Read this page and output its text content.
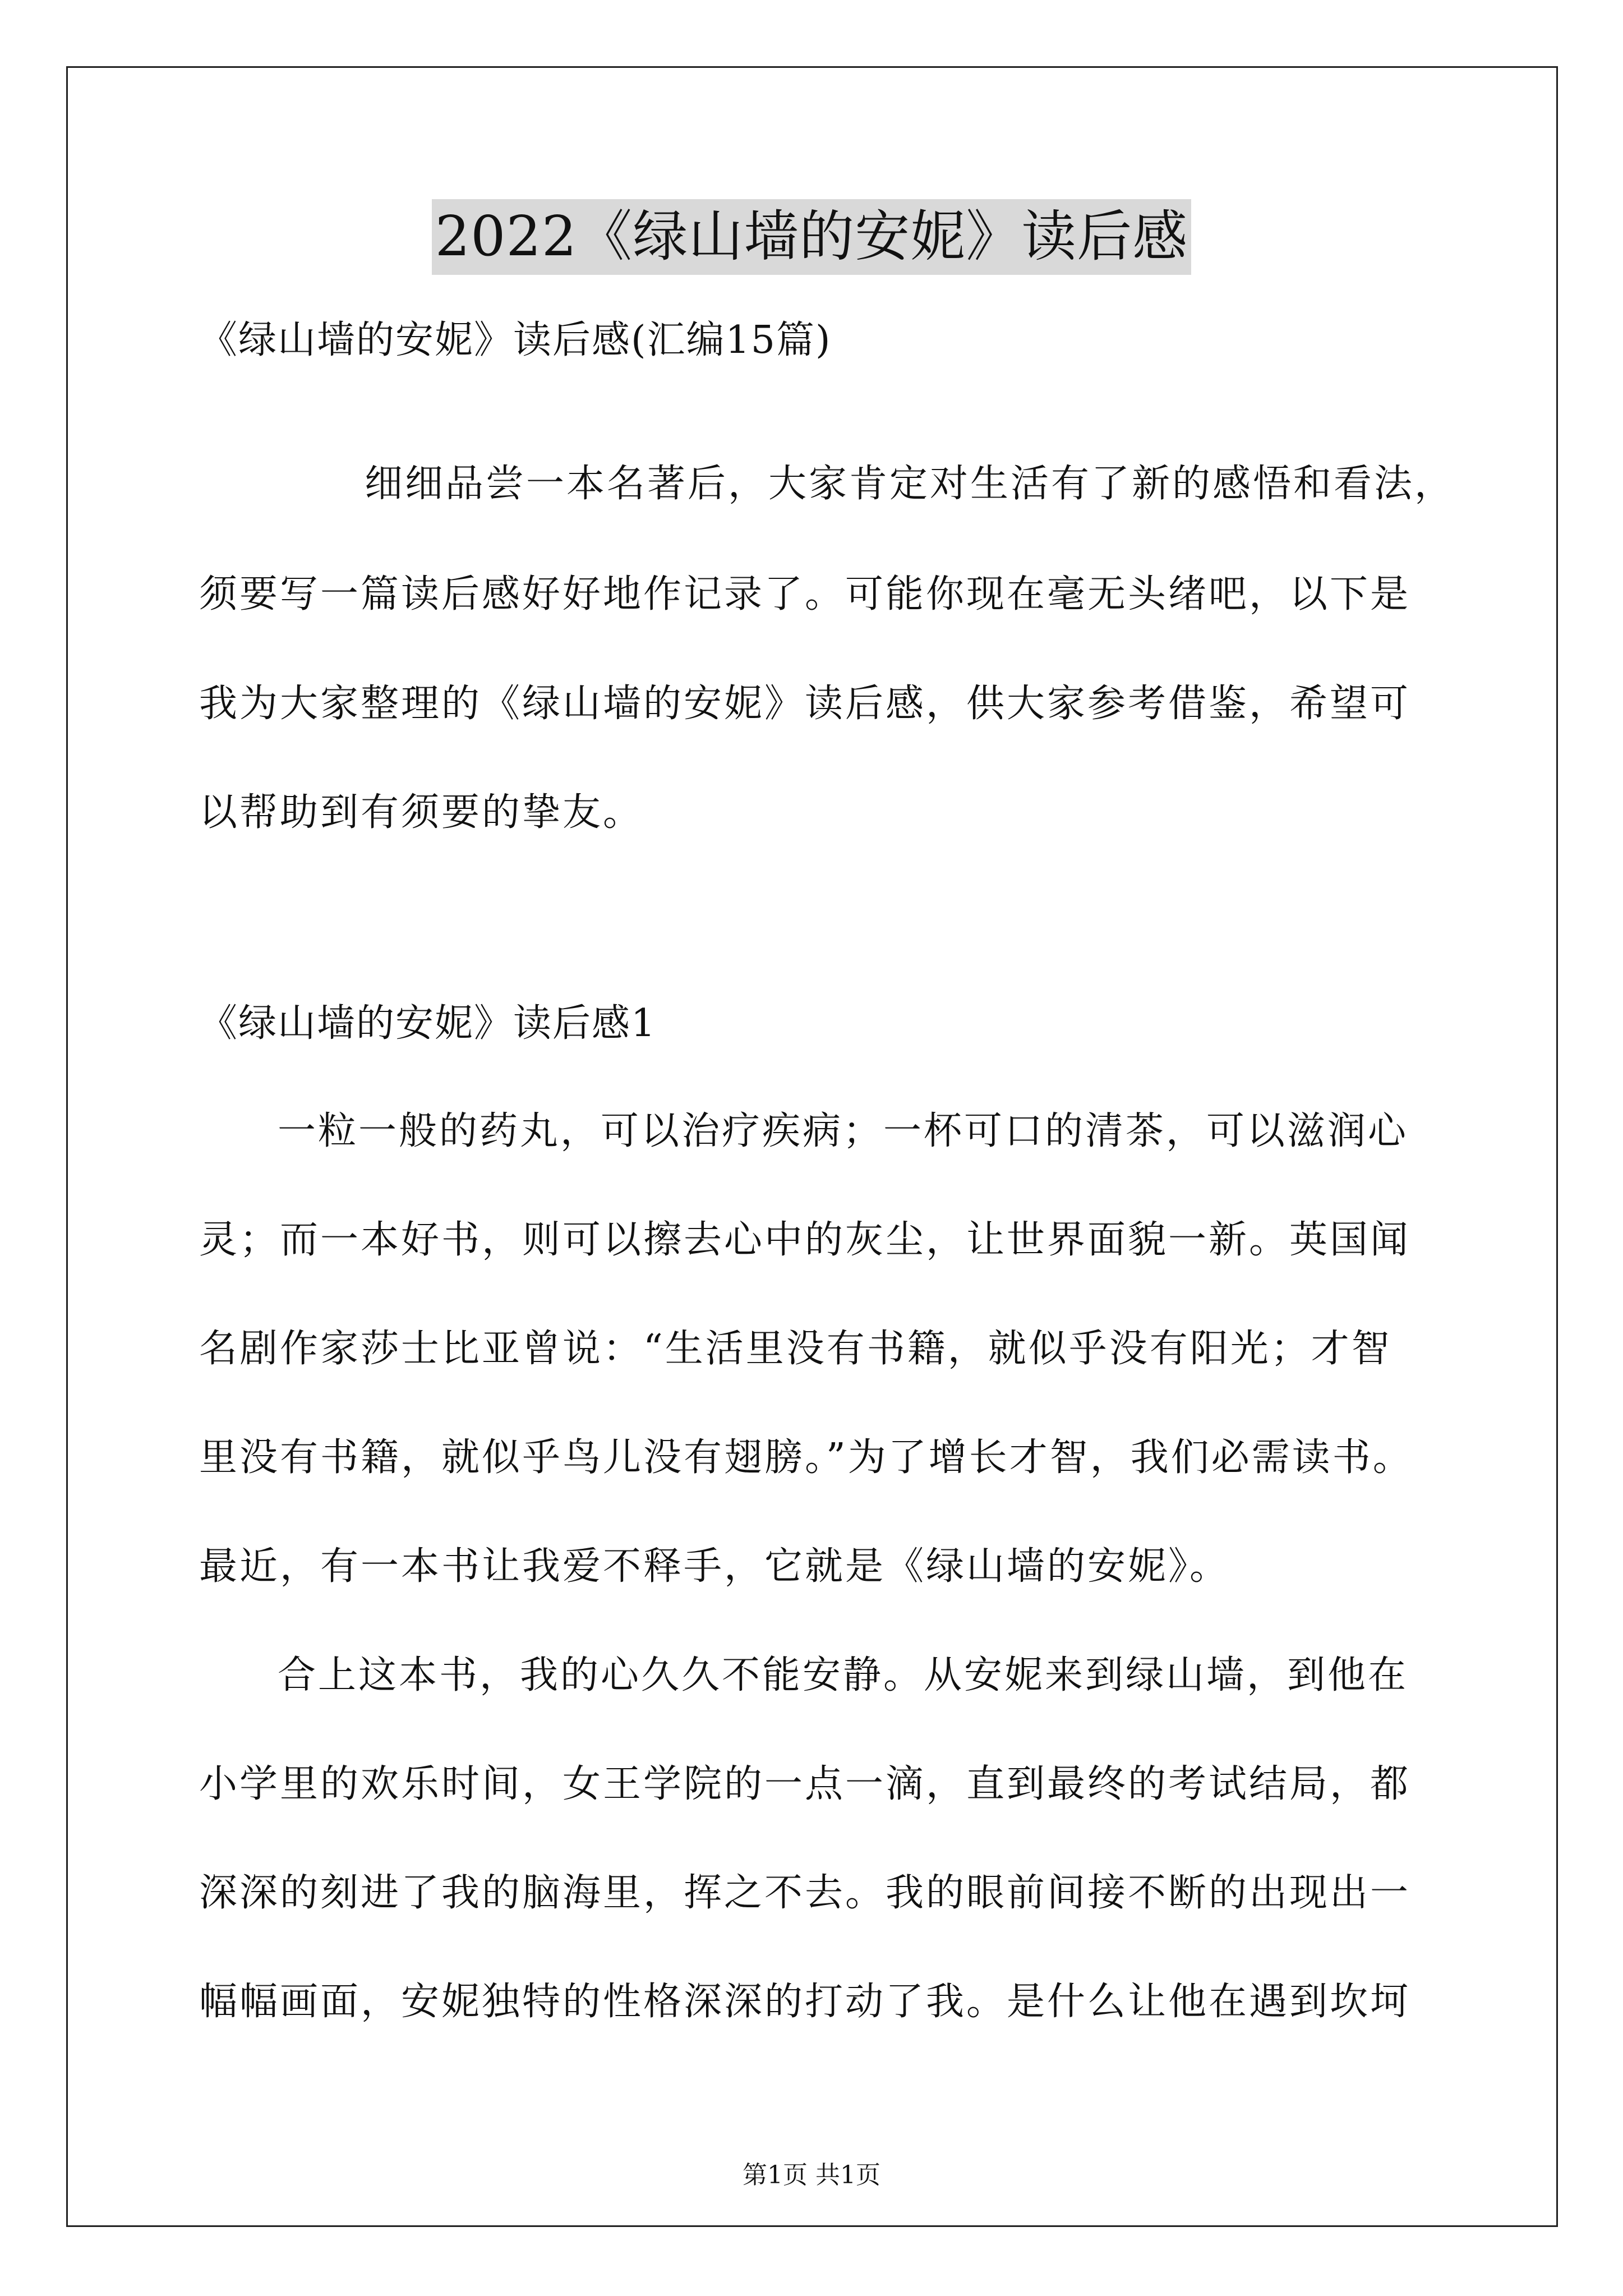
2022《绿山墙的安妮》读后感
《绿山墙的安妮》读后感(汇编15篇)
细细品尝一本名著后，大家肯定对生活有了新的感悟和看法，
须要写一篇读后感好好地作记录了。可能你现在毫无头绪吧，以下是
我为大家整理的《绿山墙的安妮》读后感，供大家参考借鉴，希望可
以帮助到有须要的挚友。
《绿山墙的安妮》读后感1
一粒一般的药丸，可以治疗疾病；一杯可口的清茶，可以滋润心
灵；而一本好书，则可以擦去心中的灰尘，让世界面貌一新。英国闻
名剧作家莎士比亚曾说：“生活里没有书籍，就似乎没有阳光；才智
里没有书籍，就似乎鸟儿没有翅膀。”为了增长才智，我们必需读书。
最近，有一本书让我爱不释手，它就是《绿山墙的安妮》。
合上这本书，我的心久久不能安静。从安妮来到绿山墙，到他在
小学里的欢乐时间，女王学院的一点一滴，直到最终的考试结局，都
深深的刻进了我的脑海里，挥之不去。我的眼前间接不断的出现出一
幅幅画面，安妮独特的性格深深的打动了我。是什么让他在遇到坎坷
第1页 共1页
